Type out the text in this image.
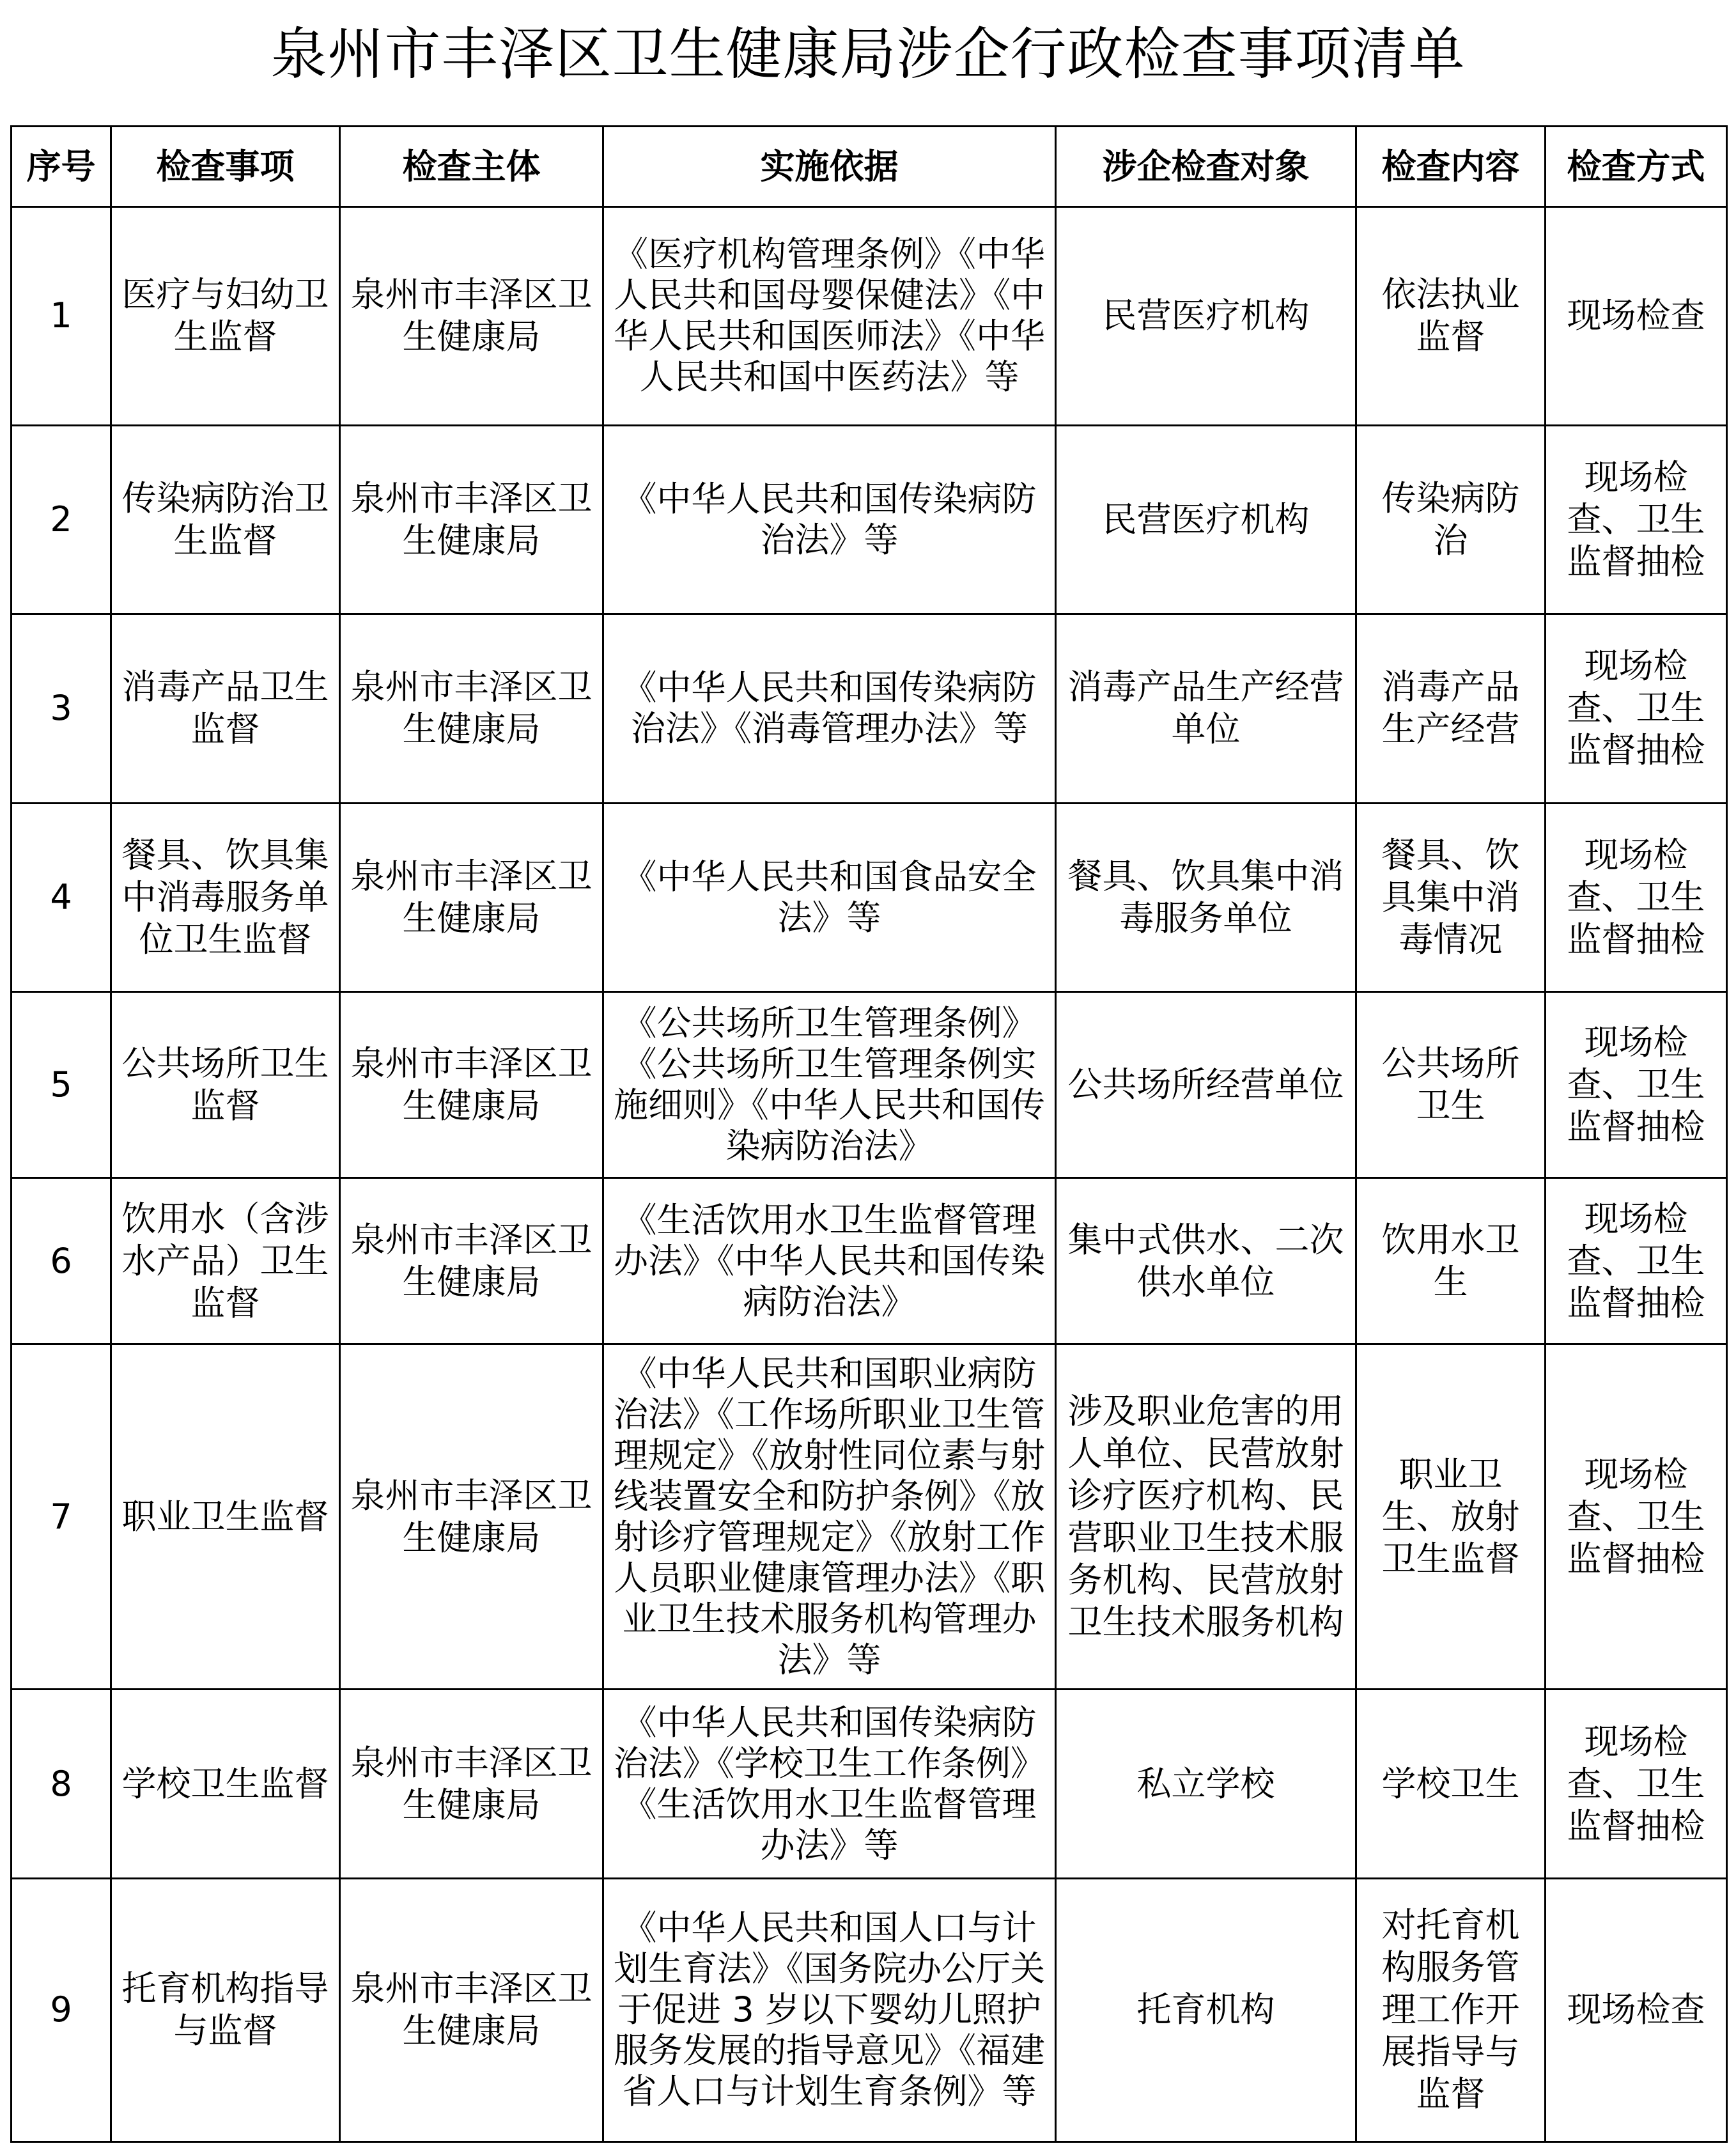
泉州市丰泽区卫生健康局涉企行政检查事项清单
序号	检查事项	检查主体	实施依据	涉企检查对象	检查内容	检查方式
1	医疗与妇幼卫生监督	泉州市丰泽区卫生健康局	《医疗机构管理条例》《中华人民共和国母婴保健法》《中华人民共和国医师法》《中华人民共和国中医药法》等	民营医疗机构	依法执业监督	现场检查
2	传染病防治卫生监督	泉州市丰泽区卫生健康局	《中华人民共和国传染病防治法》等	民营医疗机构	传染病防治	现场检查、卫生监督抽检
3	消毒产品卫生监督	泉州市丰泽区卫生健康局	《中华人民共和国传染病防治法》《消毒管理办法》等	消毒产品生产经营单位	消毒产品生产经营	现场检查、卫生监督抽检
4	餐具、饮具集中消毒服务单位卫生监督	泉州市丰泽区卫生健康局	《中华人民共和国食品安全法》等	餐具、饮具集中消毒服务单位	餐具、饮具集中消毒情况	现场检查、卫生监督抽检
5	公共场所卫生监督	泉州市丰泽区卫生健康局	《公共场所卫生管理条例》《公共场所卫生管理条例实施细则》《中华人民共和国传染病防治法》	公共场所经营单位	公共场所卫生	现场检查、卫生监督抽检
6	饮用水（含涉水产品）卫生监督	泉州市丰泽区卫生健康局	《生活饮用水卫生监督管理办法》《中华人民共和国传染病防治法》	集中式供水、二次供水单位	饮用水卫生	现场检查、卫生监督抽检
7	职业卫生监督	泉州市丰泽区卫生健康局	《中华人民共和国职业病防治法》《工作场所职业卫生管理规定》《放射性同位素与射线装置安全和防护条例》《放射诊疗管理规定》《放射工作人员职业健康管理办法》《职业卫生技术服务机构管理办法》等	涉及职业危害的用人单位、民营放射诊疗医疗机构、民营职业卫生技术服务机构、民营放射卫生技术服务机构	职业卫生、放射卫生监督	现场检查、卫生监督抽检
8	学校卫生监督	泉州市丰泽区卫生健康局	《中华人民共和国传染病防治法》《学校卫生工作条例》《生活饮用水卫生监督管理办法》等	私立学校	学校卫生	现场检查、卫生监督抽检
9	托育机构指导与监督	泉州市丰泽区卫生健康局	《中华人民共和国人口与计划生育法》《国务院办公厅关于促进 3 岁以下婴幼儿照护服务发展的指导意见》《福建省人口与计划生育条例》等	托育机构	对托育机构服务管理工作开展指导与监督	现场检查
